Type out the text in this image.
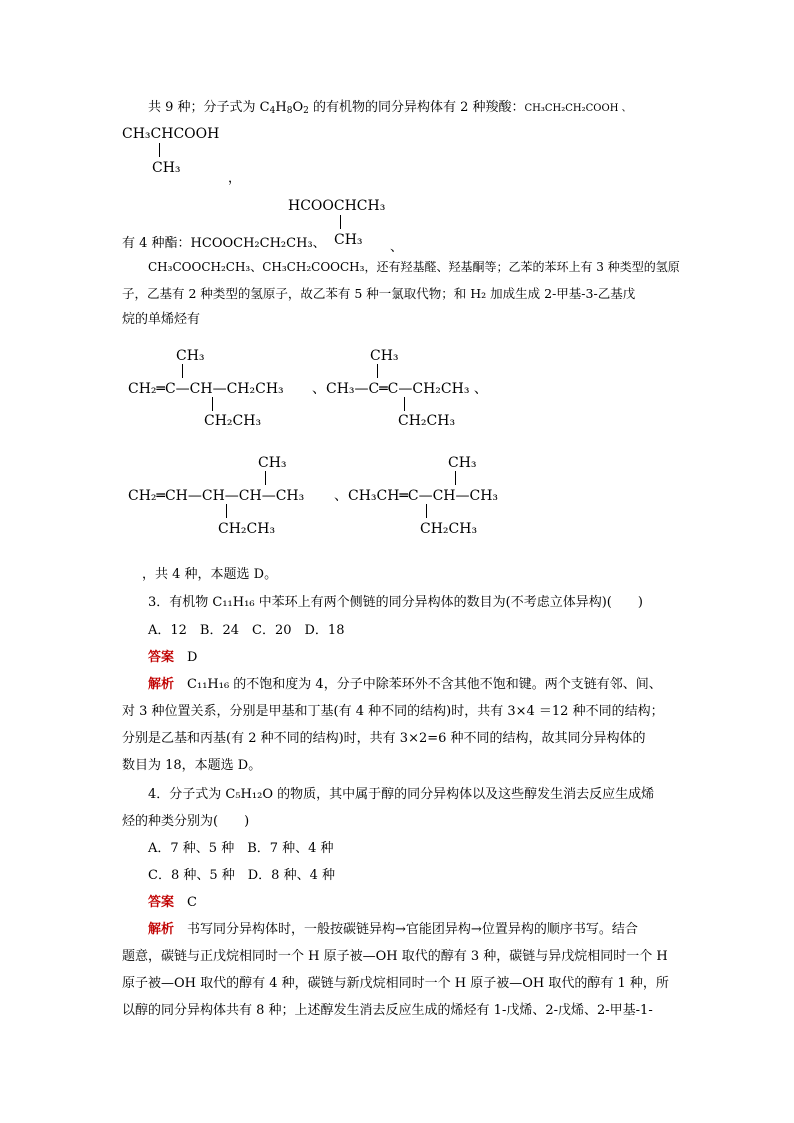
共 9 种；分子式为 $C_4H_8O_2$ 的有机物的同分异构体有 2 种羧酸：CH₃CH₂CH₂COOH 、
CH₃CHCOOH
CH₃
，
HCOOCHCH₃
CH₃
有 4 种酯：HCOOCH₂CH₂CH₃、	、
CH₃COOCH₂CH₃、CH₃CH₂COOCH₃，还有羟基醛、羟基酮等；乙苯的苯环上有 3 种类型的氢原
子，乙基有 2 种类型的氢原子，故乙苯有 5 种一氯取代物；和 H₂ 加成生成 2-甲基-3-乙基戊
烷的单烯烃有
CH₃
CH₂═C—CH—CH₂CH₃
CH₂CH₃
CH₃
、CH₃—C═C—CH₂CH₃ 、
CH₂CH₃
CH₃
CH₂═CH—CH—CH—CH₃
CH₂CH₃
CH₃
、CH₃CH═C—CH—CH₃
CH₂CH₃
，共 4 种，本题选 D。
3．有机物 C₁₁H₁₆ 中苯环上有两个侧链的同分异构体的数目为(不考虑立体异构)(　　)
A．12　B．24　C．20　D．18
答案　 D
解析　 C₁₁H₁₆ 的不饱和度为 4，分子中除苯环外不含其他不饱和键。两个支链有邻、间、
对 3 种位置关系，分别是甲基和丁基(有 4 种不同的结构)时，共有 3×4 ＝12 种不同的结构；
分别是乙基和丙基(有 2 种不同的结构)时，共有 3×2=6 种不同的结构，故其同分异构体的
数目为 18，本题选 D。
4．分子式为 C₅H₁₂O 的物质，其中属于醇的同分异构体以及这些醇发生消去反应生成烯
烃的种类分别为(　　)
A．7 种、5 种　B．7 种、4 种
C．8 种、5 种　D．8 种、4 种
答案　 C
解析　 书写同分异构体时，一般按碳链异构→官能团异构→位置异构的顺序书写。结合
题意，碳链与正戊烷相同时一个 H 原子被—OH 取代的醇有 3 种，碳链与异戊烷相同时一个 H
原子被—OH 取代的醇有 4 种，碳链与新戊烷相同时一个 H 原子被—OH 取代的醇有 1 种，所
以醇的同分异构体共有 8 种；上述醇发生消去反应生成的烯烃有 1-戊烯、2-戊烯、2-甲基-1-
